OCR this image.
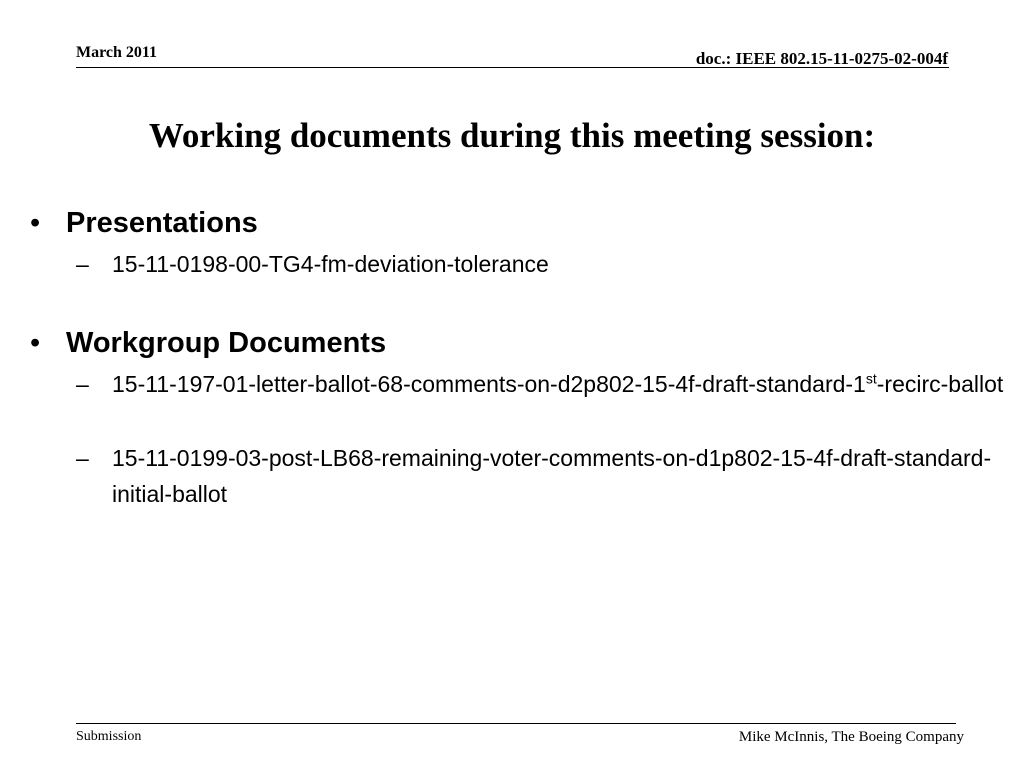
March 2011	doc.: IEEE 802.15-11-0275-02-004f
Working documents during this meeting session:
• Presentations
–	15-11-0198-00-TG4-fm-deviation-tolerance
• Workgroup Documents
–	15-11-197-01-letter-ballot-68-comments-on-d2p802-15-4f-draft-standard-1st-recirc-ballot
–	15-11-0199-03-post-LB68-remaining-voter-comments-on-d1p802-15-4f-draft-standard-initial-ballot
Submission	Mike McInnis, The Boeing Company
